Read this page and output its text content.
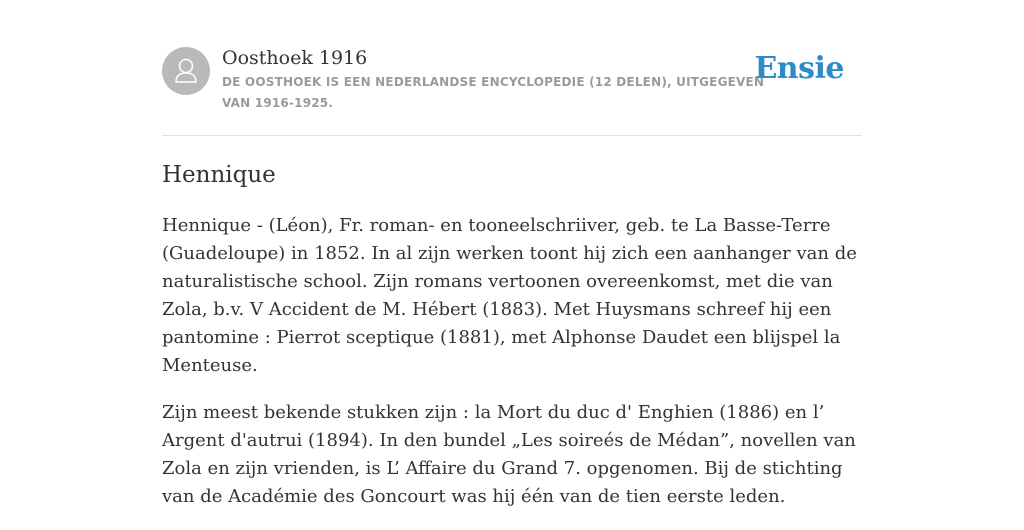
Oosthoek 1916
DE OOSTHOEK IS EEN NEDERLANDSE ENCYCLOPEDIE (12 DELEN), UITGEGEVEN VAN 1916-1925.
Ensie
Hennique

Hennique - (Léon), Fr. roman- en tooneelschriiver, geb. te La Basse-Terre (Guadeloupe) in 1852. In al zijn werken toont hij zich een aanhanger van de naturalistische school. Zijn romans vertoonen overeenkomst, met die van Zola, b.v. V Accident de M. Hébert (1883). Met Huysmans schreef hij een pantomine : Pierrot sceptique (1881), met Alphonse Daudet een blijspel la Menteuse.

Zijn meest bekende stukken zijn : la Mort du duc d' Enghien (1886) en l’ Argent d'autrui (1894). In den bundel „Les soireés de Médan”, novellen van Zola en zijn vrienden, is L’ Affaire du Grand 7. opgenomen. Bij de stichting van de Académie des Goncourt was hij één van de tien eerste leden.
